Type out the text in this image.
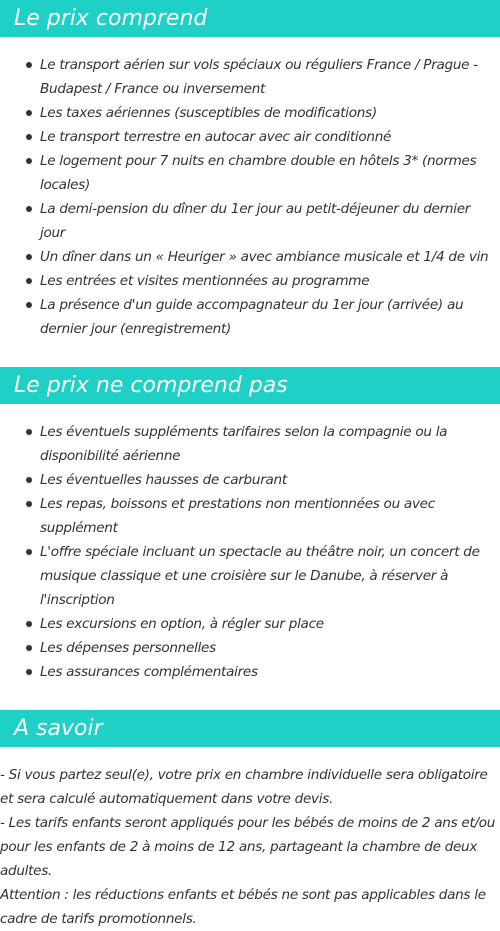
Le prix comprend
Le transport aérien sur vols spéciaux ou réguliers France / Prague - Budapest / France ou inversement
Les taxes aériennes (susceptibles de modifications)
Le transport terrestre en autocar avec air conditionné
Le logement pour 7 nuits en chambre double en hôtels 3* (normes locales)
La demi-pension du dîner du 1er jour au petit-déjeuner du dernier jour
Un dîner dans un « Heuriger » avec ambiance musicale et 1/4 de vin
Les entrées et visites mentionnées au programme
La présence d'un guide accompagnateur du 1er jour (arrivée) au dernier jour (enregistrement)
Le prix ne comprend pas
Les éventuels suppléments tarifaires selon la compagnie ou la disponibilité aérienne
Les éventuelles hausses de carburant
Les repas, boissons et prestations non mentionnées ou avec supplément
L'offre spéciale incluant un spectacle au théâtre noir, un concert de musique classique et une croisière sur le Danube, à réserver à l'inscription
Les excursions en option, à régler sur place
Les dépenses personnelles
Les assurances complémentaires
A savoir

- Si vous partez seul(e), votre prix en chambre individuelle sera obligatoire et sera calculé automatiquement dans votre devis.

- Les tarifs enfants seront appliqués pour les bébés de moins de 2 ans et/ou pour les enfants de 2 à moins de 12 ans, partageant la chambre de deux adultes.

Attention : les réductions enfants et bébés ne sont pas applicables dans le cadre de tarifs promotionnels.
